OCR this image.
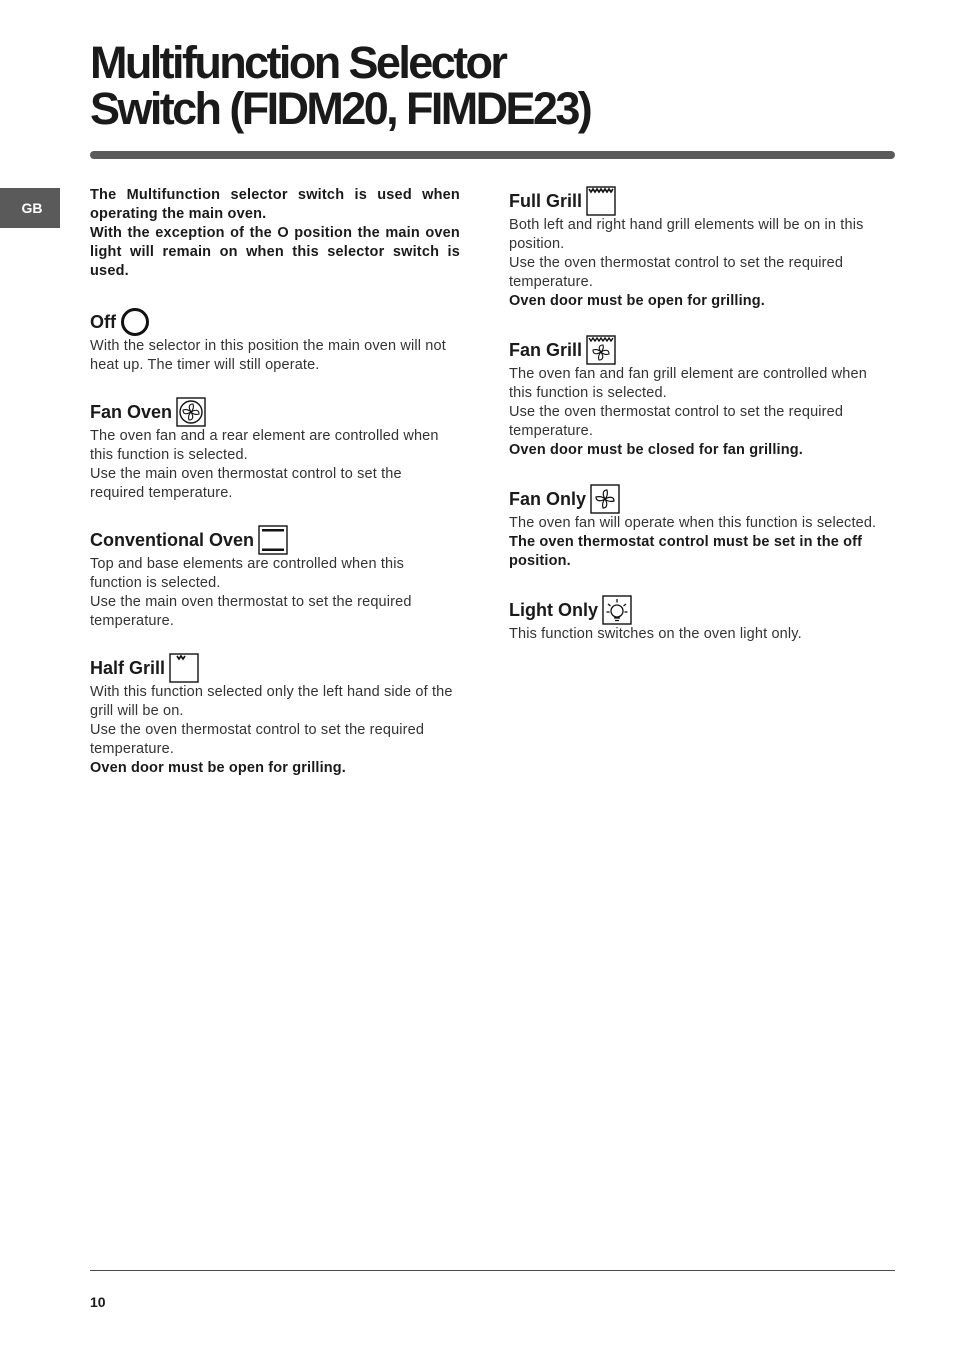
Multifunction Selector
Switch (FIDM20, FIMDE23)
GB

The Multifunction selector switch is used when operating the main oven.

With the exception of the O position the main oven light will remain on when this selector switch is used.

Off

With the selector in this position the main oven will not heat up. The timer will still operate.

Fan Oven

The oven fan and a rear element are controlled when this function is selected.

Use the main oven thermostat control to set the required temperature.

Conventional Oven

Top and base elements are controlled when this function is selected.

Use the main oven thermostat to set the required temperature.

Half Grill

With this function selected only the left hand side of the grill will be on.

Use the oven thermostat control to set the required temperature.

Oven door must be open for grilling.

Full Grill

Both left and right hand grill elements will be on in this position.

Use the oven thermostat control to set the required temperature.

Oven door must be open for grilling.

Fan Grill

The oven fan and fan grill element are controlled when this function is selected.

Use the oven thermostat control to set the required temperature.

Oven door must be closed for fan grilling.

Fan Only

The oven fan will operate when this function is selected.

The oven thermostat control must be set in the off position.

Light Only

This function switches on the oven light only.

10
